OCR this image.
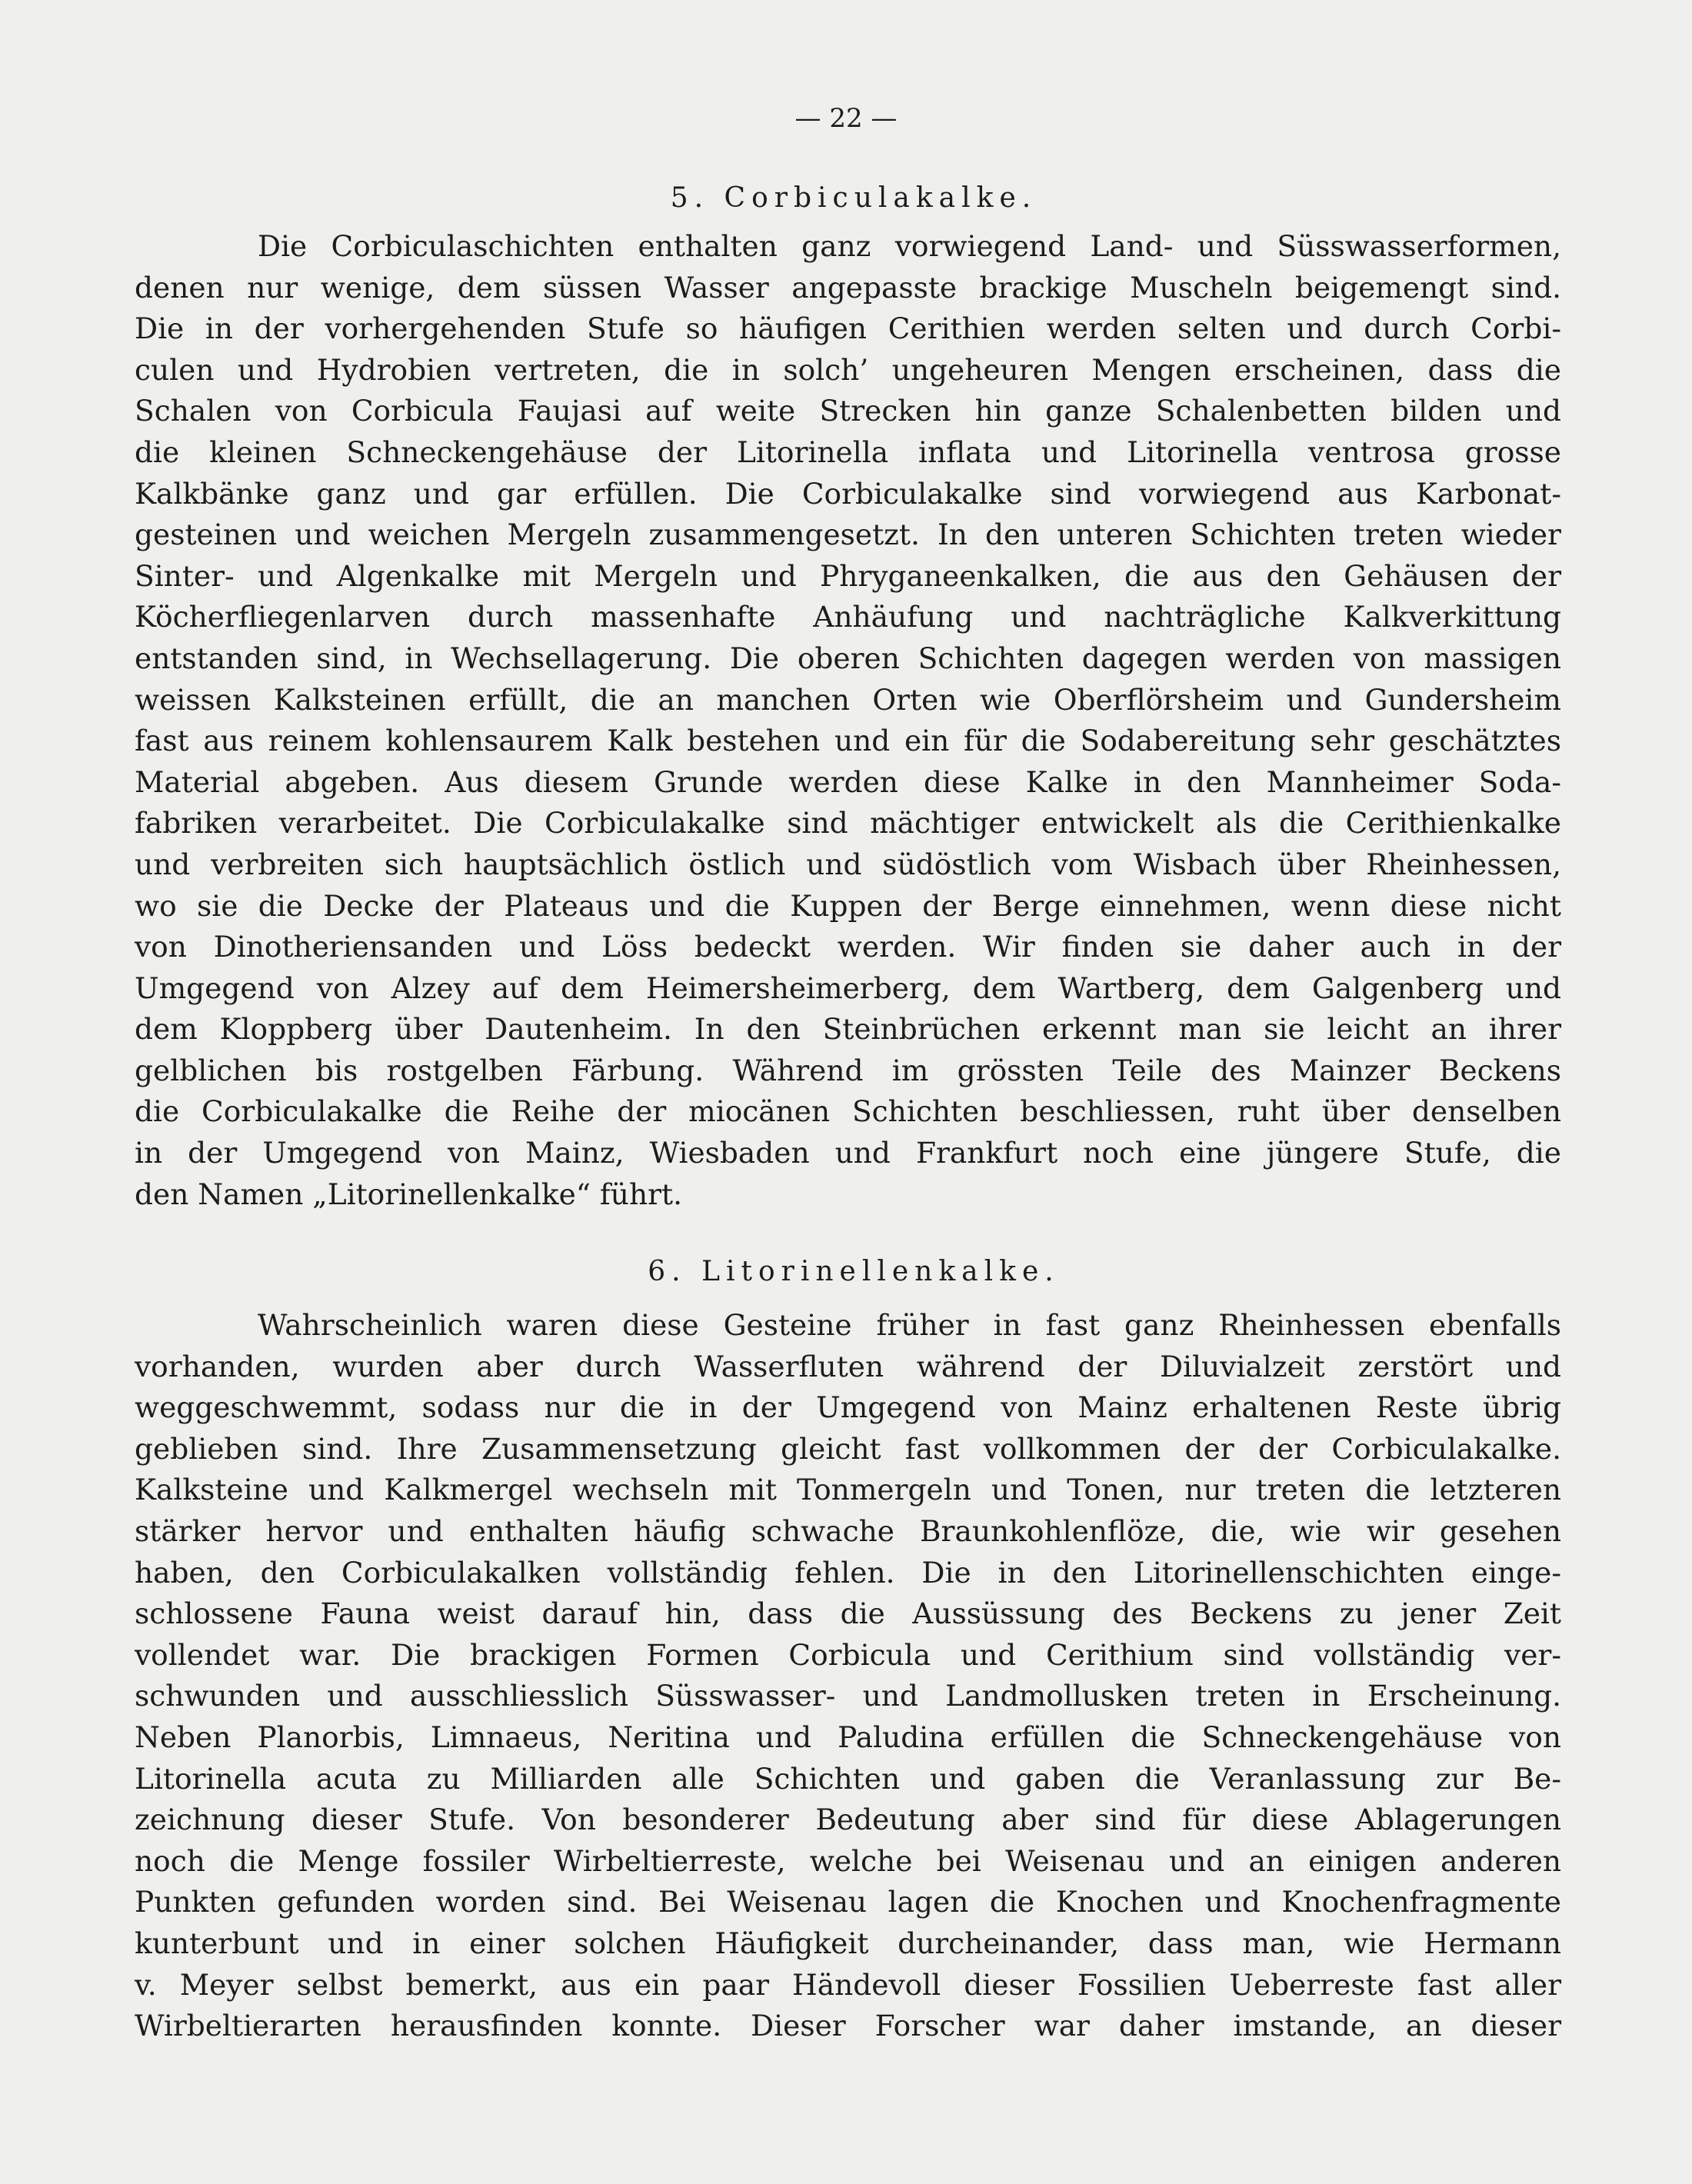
— 22 —
5. Corbiculakalke.
Die Corbiculaschichten enthalten ganz vorwiegend Land- und Süsswasserformen,
denen nur wenige, dem süssen Wasser angepasste brackige Muscheln beigemengt sind.
Die in der vorhergehenden Stufe so häufigen Cerithien werden selten und durch Corbi-
culen und Hydrobien vertreten, die in solch’ ungeheuren Mengen erscheinen, dass die
Schalen von Corbicula Faujasi auf weite Strecken hin ganze Schalenbetten bilden und
die kleinen Schneckengehäuse der Litorinella inflata und Litorinella ventrosa grosse
Kalkbänke ganz und gar erfüllen. Die Corbiculakalke sind vorwiegend aus Karbonat-
gesteinen und weichen Mergeln zusammengesetzt. In den unteren Schichten treten wieder
Sinter- und Algenkalke mit Mergeln und Phryganeenkalken, die aus den Gehäusen der
Köcherfliegenlarven durch massenhafte Anhäufung und nachträgliche Kalkverkittung
entstanden sind, in Wechsellagerung. Die oberen Schichten dagegen werden von massigen
weissen Kalksteinen erfüllt, die an manchen Orten wie Oberflörsheim und Gundersheim
fast aus reinem kohlensaurem Kalk bestehen und ein für die Sodabereitung sehr geschätztes
Material abgeben. Aus diesem Grunde werden diese Kalke in den Mannheimer Soda-
fabriken verarbeitet. Die Corbiculakalke sind mächtiger entwickelt als die Cerithienkalke
und verbreiten sich hauptsächlich östlich und südöstlich vom Wisbach über Rheinhessen,
wo sie die Decke der Plateaus und die Kuppen der Berge einnehmen, wenn diese nicht
von Dinotheriensanden und Löss bedeckt werden. Wir finden sie daher auch in der
Umgegend von Alzey auf dem Heimersheimerberg, dem Wartberg, dem Galgenberg und
dem Kloppberg über Dautenheim. In den Steinbrüchen erkennt man sie leicht an ihrer
gelblichen bis rostgelben Färbung. Während im grössten Teile des Mainzer Beckens
die Corbiculakalke die Reihe der miocänen Schichten beschliessen, ruht über denselben
in der Umgegend von Mainz, Wiesbaden und Frankfurt noch eine jüngere Stufe, die
den Namen „Litorinellenkalke“ führt.
6. Litorinellenkalke.
Wahrscheinlich waren diese Gesteine früher in fast ganz Rheinhessen ebenfalls
vorhanden, wurden aber durch Wasserfluten während der Diluvialzeit zerstört und
weggeschwemmt, sodass nur die in der Umgegend von Mainz erhaltenen Reste übrig
geblieben sind. Ihre Zusammensetzung gleicht fast vollkommen der der Corbiculakalke.
Kalksteine und Kalkmergel wechseln mit Tonmergeln und Tonen, nur treten die letzteren
stärker hervor und enthalten häufig schwache Braunkohlenflöze, die, wie wir gesehen
haben, den Corbiculakalken vollständig fehlen. Die in den Litorinellenschichten einge-
schlossene Fauna weist darauf hin, dass die Aussüssung des Beckens zu jener Zeit
vollendet war. Die brackigen Formen Corbicula und Cerithium sind vollständig ver-
schwunden und ausschliesslich Süsswasser- und Landmollusken treten in Erscheinung.
Neben Planorbis, Limnaeus, Neritina und Paludina erfüllen die Schneckengehäuse von
Litorinella acuta zu Milliarden alle Schichten und gaben die Veranlassung zur Be-
zeichnung dieser Stufe. Von besonderer Bedeutung aber sind für diese Ablagerungen
noch die Menge fossiler Wirbeltierreste, welche bei Weisenau und an einigen anderen
Punkten gefunden worden sind. Bei Weisenau lagen die Knochen und Knochenfragmente
kunterbunt und in einer solchen Häufigkeit durcheinander, dass man, wie Hermann
v. Meyer selbst bemerkt, aus ein paar Händevoll dieser Fossilien Ueberreste fast aller
Wirbeltierarten herausfinden konnte. Dieser Forscher war daher imstande, an dieser
